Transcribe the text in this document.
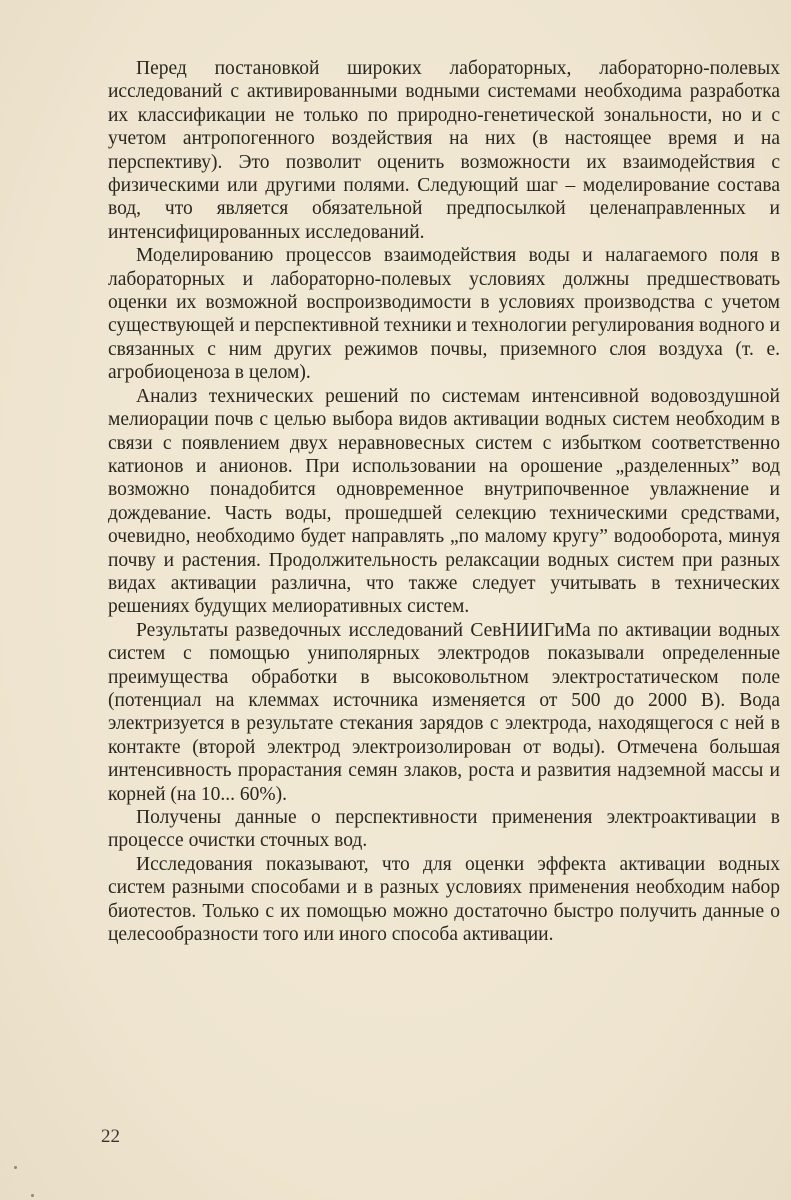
Перед постановкой широких лабораторных, лабораторно-полевых исследований с активированными водными системами необходима разработка их классификации не только по природно-генетической зональности, но и с учетом антропогенного воздействия на них (в настоящее время и на перспективу). Это позволит оценить возможности их взаимодействия с физическими или другими полями. Следующий шаг – моделирование состава вод, что является обязательной предпосылкой целенаправленных и интенсифицированных исследований.

Моделированию процессов взаимодействия воды и налагаемого поля в лабораторных и лабораторно-полевых условиях должны предшествовать оценки их возможной воспроизводимости в условиях производства с учетом существующей и перспективной техники и технологии регулирования водного и связанных с ним других режимов почвы, приземного слоя воздуха (т. е. агробиоценоза в целом).

Анализ технических решений по системам интенсивной водовоздушной мелиорации почв с целью выбора видов активации водных систем необходим в связи с появлением двух неравновесных систем с избытком соответственно катионов и анионов. При использовании на орошение „разделенных” вод возможно понадобится одновременное внутрипочвенное увлажнение и дождевание. Часть воды, прошедшей селекцию техническими средствами, очевидно, необходимо будет направлять „по малому кругу” водооборота, минуя почву и растения. Продолжительность релаксации водных систем при разных видах активации различна, что также следует учитывать в технических решениях будущих мелиоративных систем.

Результаты разведочных исследований СевНИИГиМа по активации водных систем с помощью униполярных электродов показывали определенные преимущества обработки в высоковольтном электростатическом поле (потенциал на клеммах источника изменяется от 500 до 2000 В). Вода электризуется в результате стекания зарядов с электрода, находящегося с ней в контакте (второй электрод электроизолирован от воды). Отмечена большая интенсивность прорастания семян злаков, роста и развития надземной массы и корней (на 10... 60%).

Получены данные о перспективности применения электроактивации в процессе очистки сточных вод.

Исследования показывают, что для оценки эффекта активации водных систем разными способами и в разных условиях применения необходим набор биотестов. Только с их помощью можно достаточно быстро получить данные о целесообразности того или иного способа активации.

22
